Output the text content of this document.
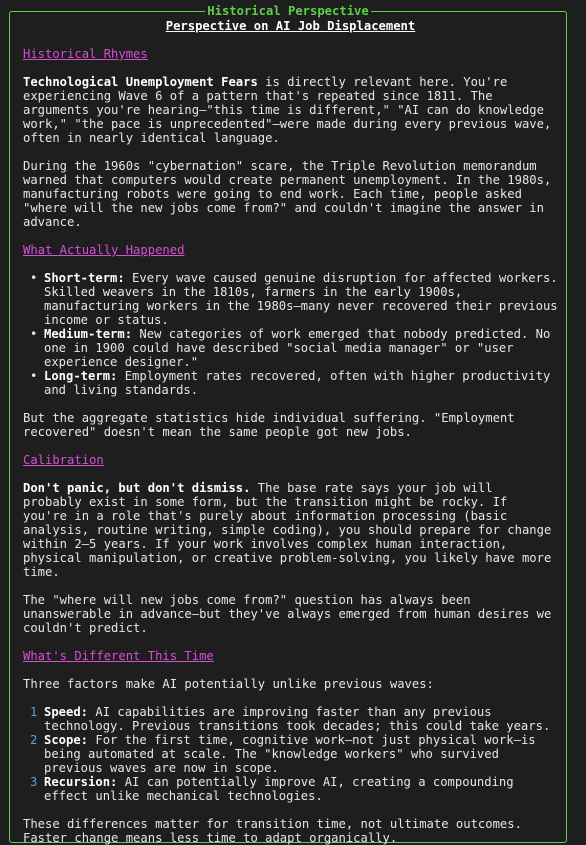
Historical Perspective

Perspective on AI Job Displacement

Historical Rhymes

Technological Unemployment Fears is directly relevant here. You're experiencing Wave 6 of a pattern that's repeated since 1811. The arguments you're hearing—"this time is different," "AI can do knowledge work," "the pace is unprecedented"—were made during every previous wave, often in nearly identical language.

During the 1960s "cybernation" scare, the Triple Revolution memorandum warned that computers would create permanent unemployment. In the 1980s, manufacturing robots were going to end work. Each time, people asked "where will the new jobs come from?" and couldn't imagine the answer in advance.

What Actually Happened

• Short-term: Every wave caused genuine disruption for affected workers. Skilled weavers in the 1810s, farmers in the early 1900s, manufacturing workers in the 1980s—many never recovered their previous income or status.
• Medium-term: New categories of work emerged that nobody predicted. No one in 1900 could have described "social media manager" or "user experience designer."
• Long-term: Employment rates recovered, often with higher productivity and living standards.

But the aggregate statistics hide individual suffering. "Employment recovered" doesn't mean the same people got new jobs.

Calibration

Don't panic, but don't dismiss. The base rate says your job will probably exist in some form, but the transition might be rocky. If you're in a role that's purely about information processing (basic analysis, routine writing, simple coding), you should prepare for change within 2–5 years. If your work involves complex human interaction, physical manipulation, or creative problem-solving, you likely have more time.

The "where will new jobs come from?" question has always been unanswerable in advance—but they've always emerged from human desires we couldn't predict.

What's Different This Time

Three factors make AI potentially unlike previous waves:

1 Speed: AI capabilities are improving faster than any previous technology. Previous transitions took decades; this could take years.
2 Scope: For the first time, cognitive work—not just physical work—is being automated at scale. The "knowledge workers" who survived previous waves are now in scope.
3 Recursion: AI can potentially improve AI, creating a compounding effect unlike mechanical technologies.

These differences matter for transition time, not ultimate outcomes. Faster change means less time to adapt organically.
